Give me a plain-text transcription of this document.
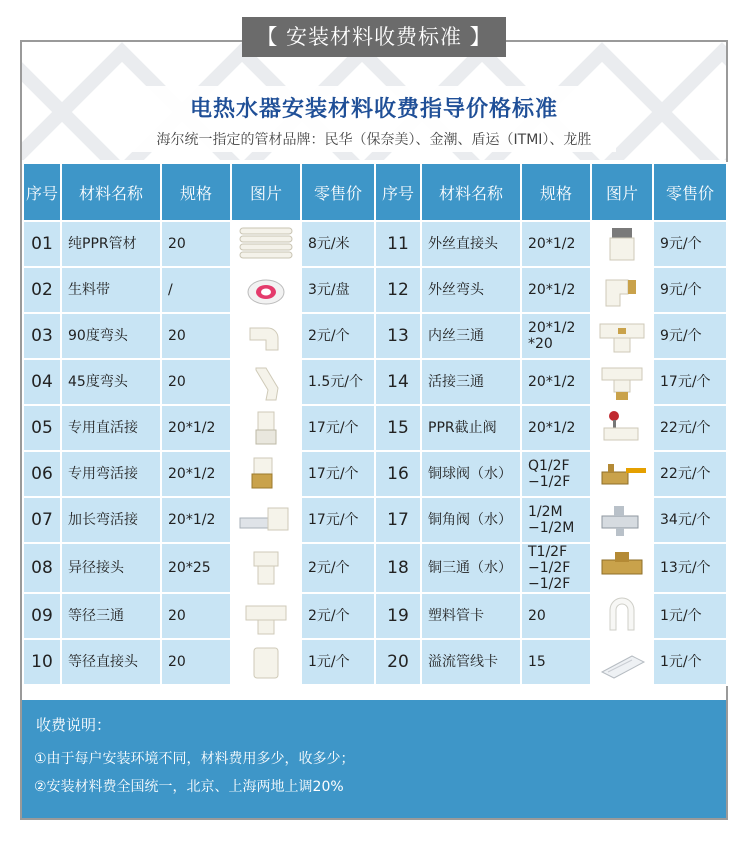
【 安装材料收费标准 】
电热水器安装材料收费指导价格标准
海尔统一指定的管材品牌：民华（保奈美）、金潮、盾运（ITMI）、龙胜
序号	材料名称	规格	图片	零售价	序号	材料名称	规格	图片	零售价
01	纯PPR管材	20		8元/米	11	外丝直接头	20*1/2		9元/个
02	生料带	/		3元/盘	12	外丝弯头	20*1/2		9元/个
03	90度弯头	20		2元/个	13	内丝三通	20*1/2
*20		9元/个
04	45度弯头	20		1.5元/个	14	活接三通	20*1/2		17元/个
05	专用直活接	20*1/2		17元/个	15	PPR截止阀	20*1/2		22元/个
06	专用弯活接	20*1/2		17元/个	16	铜球阀（水）	Q1/2F
−1/2F		22元/个
07	加长弯活接	20*1/2		17元/个	17	铜角阀（水）	1/2M
−1/2M		34元/个
08	异径接头	20*25		2元/个	18	铜三通（水）	T1/2F
−1/2F
−1/2F		13元/个
09	等径三通	20		2元/个	19	塑料管卡	20		1元/个
10	等径直接头	20		1元/个	20	溢流管线卡	15		1元/个
收费说明：
①由于每户安装环境不同，材料费用多少，收多少；
②安装材料费全国统一，北京、上海两地上调20%
